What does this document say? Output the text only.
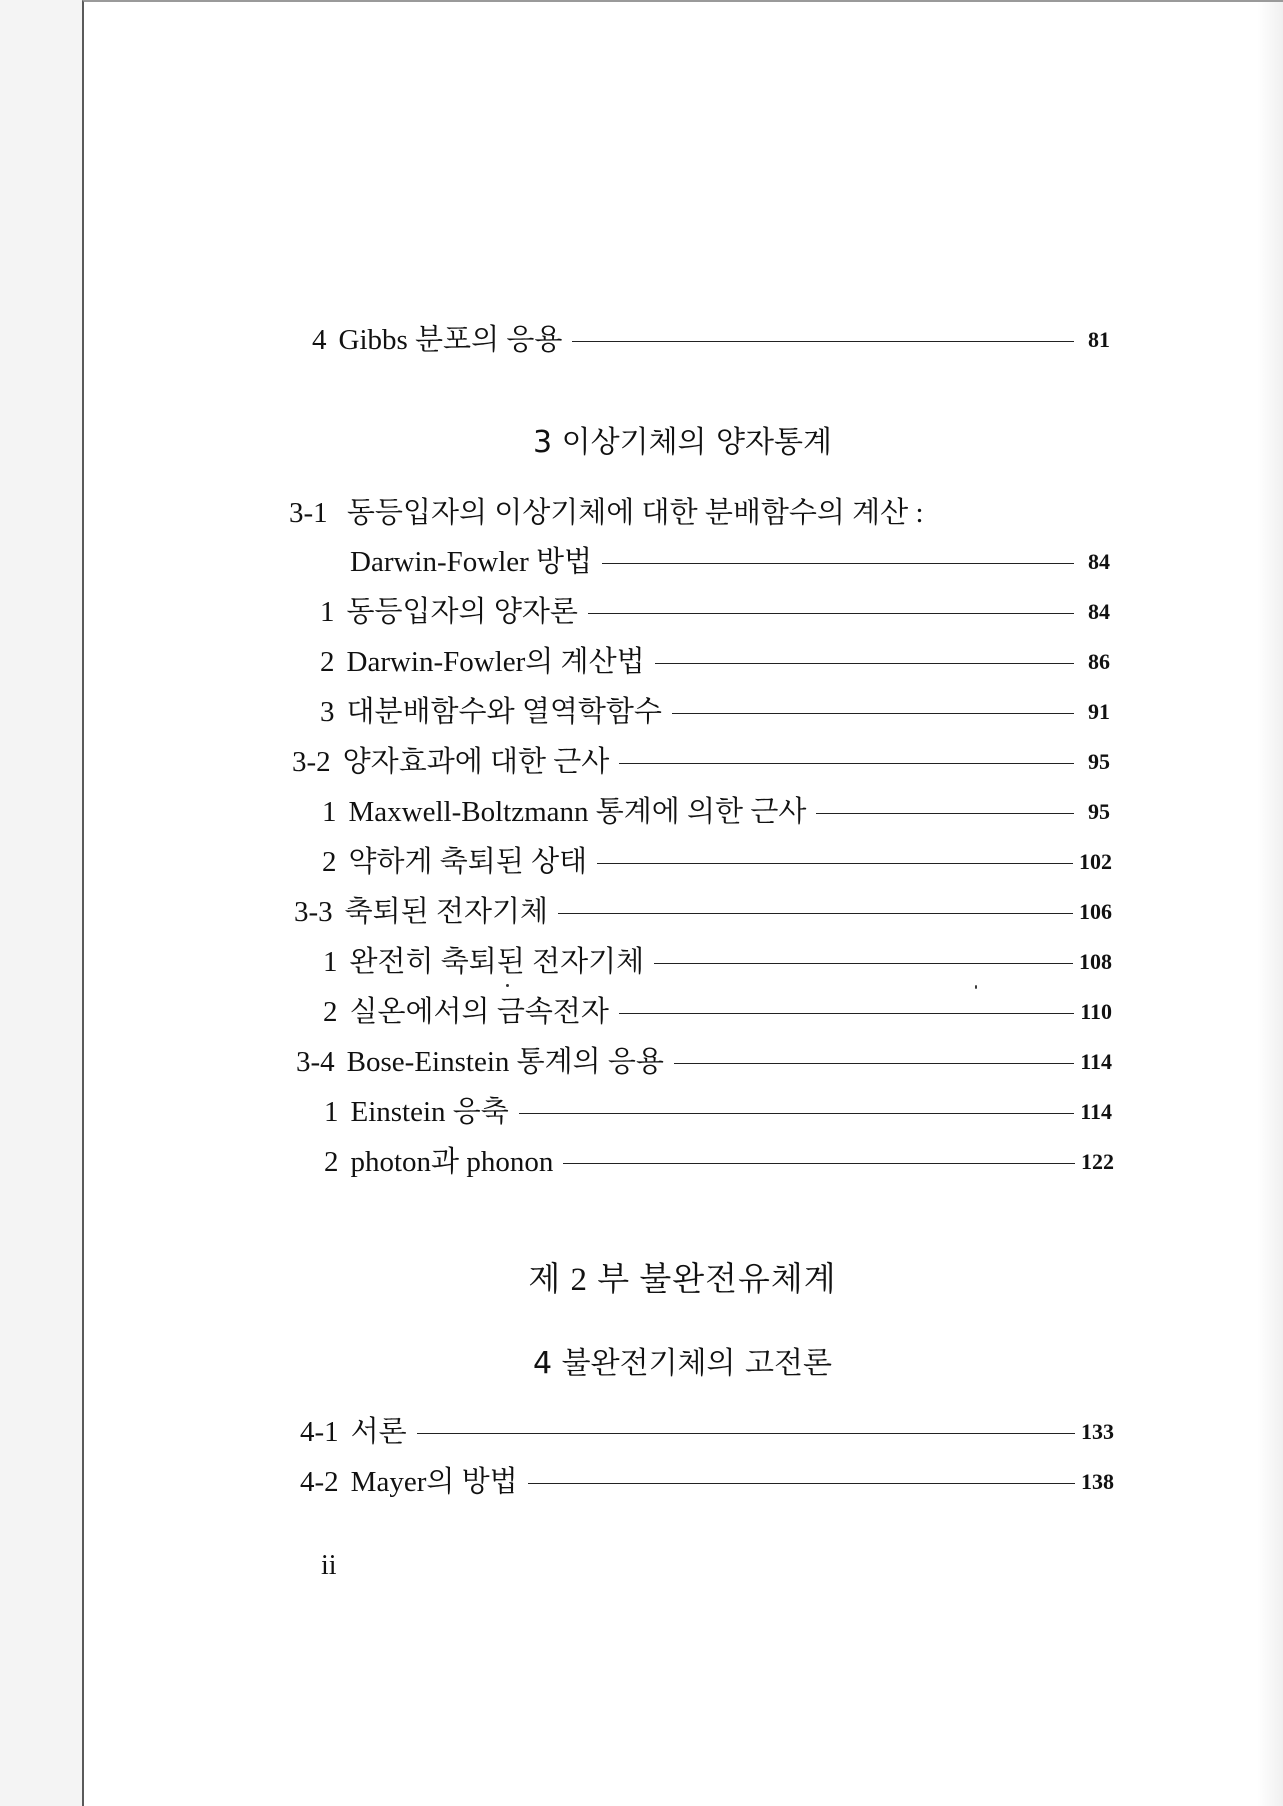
4 Gibbs 분포의 응용	81
3 이상기체의 양자통계
3-1 동등입자의 이상기체에 대한 분배함수의 계산 :
Darwin-Fowler 방법	84
1 동등입자의 양자론	84
2 Darwin-Fowler의 계산법	86
3 대분배함수와 열역학함수	91
3-2 양자효과에 대한 근사	95
1 Maxwell-Boltzmann 통계에 의한 근사	95
2 약하게 축퇴된 상태	102
3-3 축퇴된 전자기체	106
1 완전히 축퇴된 전자기체	108
2 실온에서의 금속전자	110
3-4 Bose-Einstein 통계의 응용	114
1 Einstein 응축	114
2 photon과 phonon	122
제 2 부 불완전유체계
4 불완전기체의 고전론
4-1 서론	133
4-2 Mayer의 방법	138
ii
